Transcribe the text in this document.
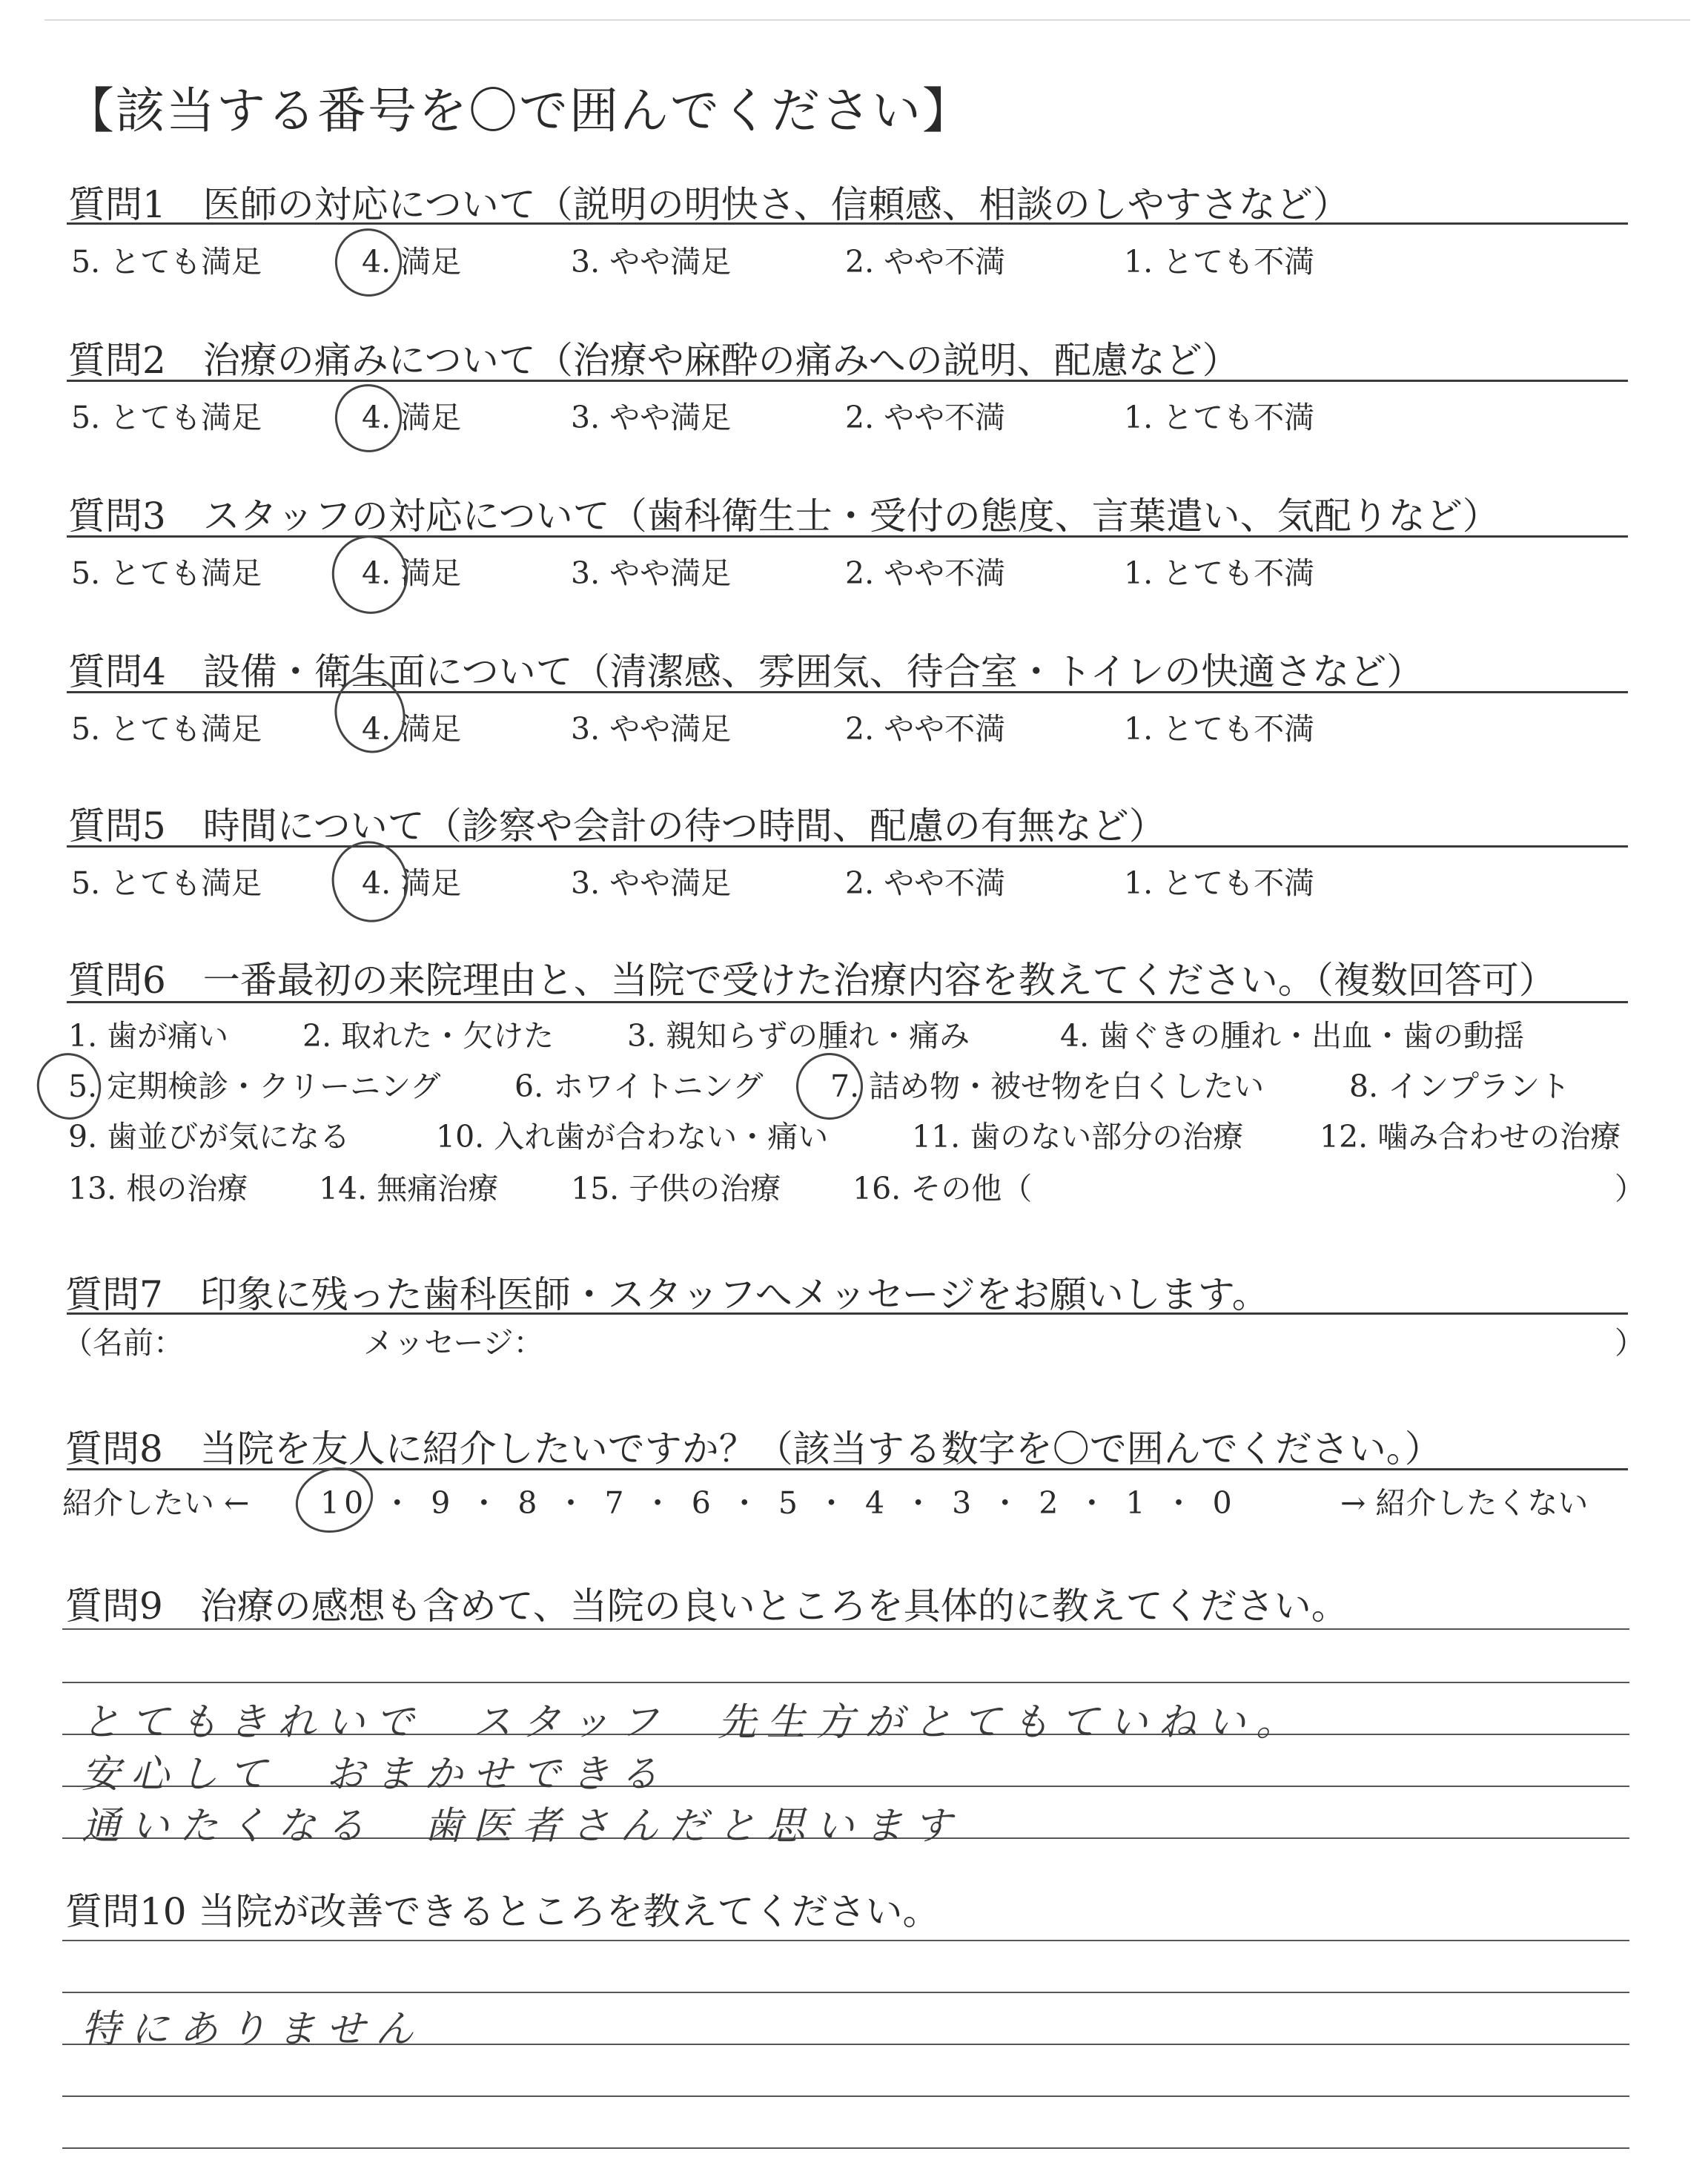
【該当する番号を〇で囲んでください】
質問1　医師の対応について（説明の明快さ、信頼感、相談のしやすさなど）
5. とても満足	4. 満足	3. やや満足	2. やや不満	1. とても不満
質問2　治療の痛みについて（治療や麻酔の痛みへの説明、配慮など）
5. とても満足	4. 満足	3. やや満足	2. やや不満	1. とても不満
質問3　スタッフの対応について（歯科衛生士・受付の態度、言葉遣い、気配りなど）
5. とても満足	4. 満足	3. やや満足	2. やや不満	1. とても不満
質問4　設備・衛生面について（清潔感、雰囲気、待合室・トイレの快適さなど）
5. とても満足	4. 満足	3. やや満足	2. やや不満	1. とても不満
質問5　時間について（診察や会計の待つ時間、配慮の有無など）
5. とても満足	4. 満足	3. やや満足	2. やや不満	1. とても不満
質問6　一番最初の来院理由と、当院で受けた治療内容を教えてください。（複数回答可）
1. 歯が痛い 2. 取れた・欠けた 3. 親知らずの腫れ・痛み	4. 歯ぐきの腫れ・出血・歯の動揺
5. 定期検診・クリーニング 6. ホワイトニング 7. 詰め物・被せ物を白くしたい	8. インプラント
9. 歯並びが気になる	10. 入れ歯が合わない・痛い	11. 歯のない部分の治療	12. 噛み合わせの治療
13. 根の治療 14. 無痛治療 15. 子供の治療 16. その他（	）
質問7　印象に残った歯科医師・スタッフへメッセージをお願いします。
（名前：	メッセージ：	）
質問8　当院を友人に紹介したいですか？（該当する数字を〇で囲んでください。）
紹介したい ← 10 ・ 9 ・ 8 ・ 7 ・ 6 ・ 5 ・ 4 ・ 3 ・ 2 ・ 1 ・ 0	→ 紹介したくない
質問9　治療の感想も含めて、当院の良いところを具体的に教えてください。
とてもきれいで　スタッフ　先生方がとてもていねい。
安心して　おまかせできる
通いたくなる　歯医者さんだと思います
質問10 当院が改善できるところを教えてください。
特にありません
